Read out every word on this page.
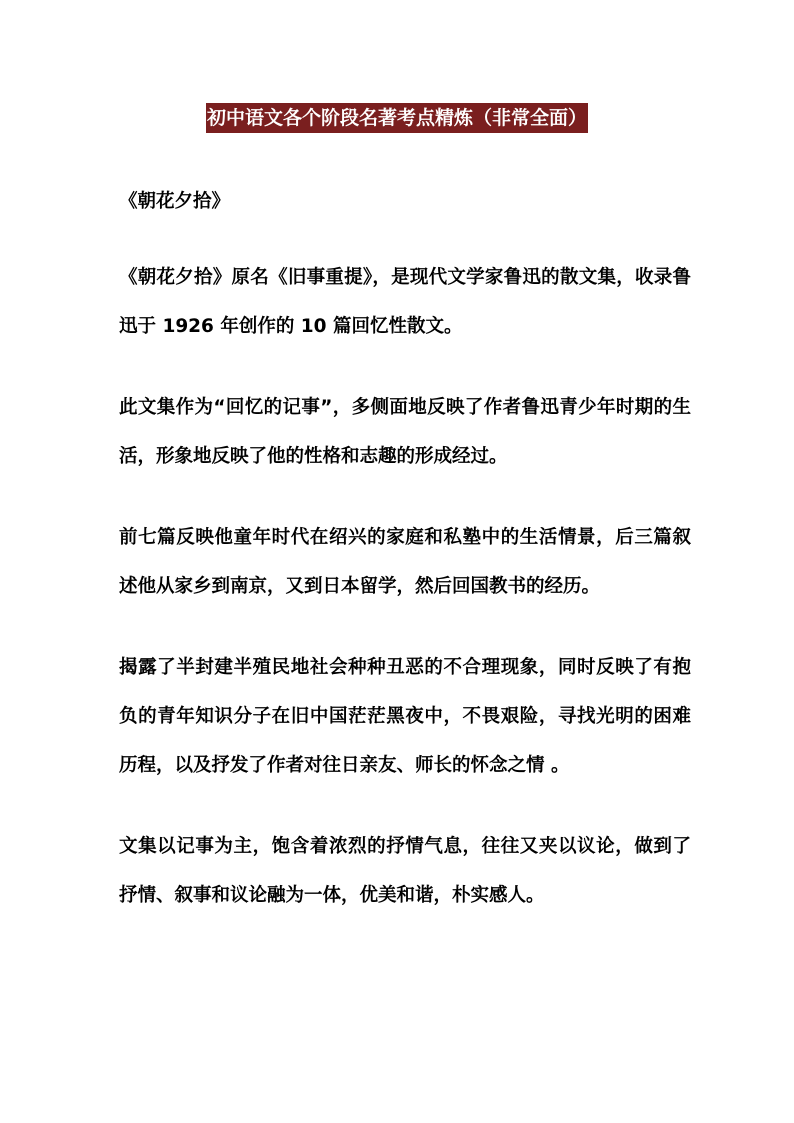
初中语文各个阶段名著考点精炼（非常全面）
《朝花夕拾》

《朝花夕拾》原名《旧事重提》，是现代文学家鲁迅的散文集，收录鲁迅于 1926 年创作的 10 篇回忆性散文。

此文集作为“回忆的记事”，多侧面地反映了作者鲁迅青少年时期的生活，形象地反映了他的性格和志趣的形成经过。

前七篇反映他童年时代在绍兴的家庭和私塾中的生活情景，后三篇叙述他从家乡到南京，又到日本留学，然后回国教书的经历。

揭露了半封建半殖民地社会种种丑恶的不合理现象，同时反映了有抱负的青年知识分子在旧中国茫茫黑夜中，不畏艰险，寻找光明的困难历程，以及抒发了作者对往日亲友、师长的怀念之情 。

文集以记事为主，饱含着浓烈的抒情气息，往往又夹以议论，做到了抒情、叙事和议论融为一体，优美和谐，朴实感人。
